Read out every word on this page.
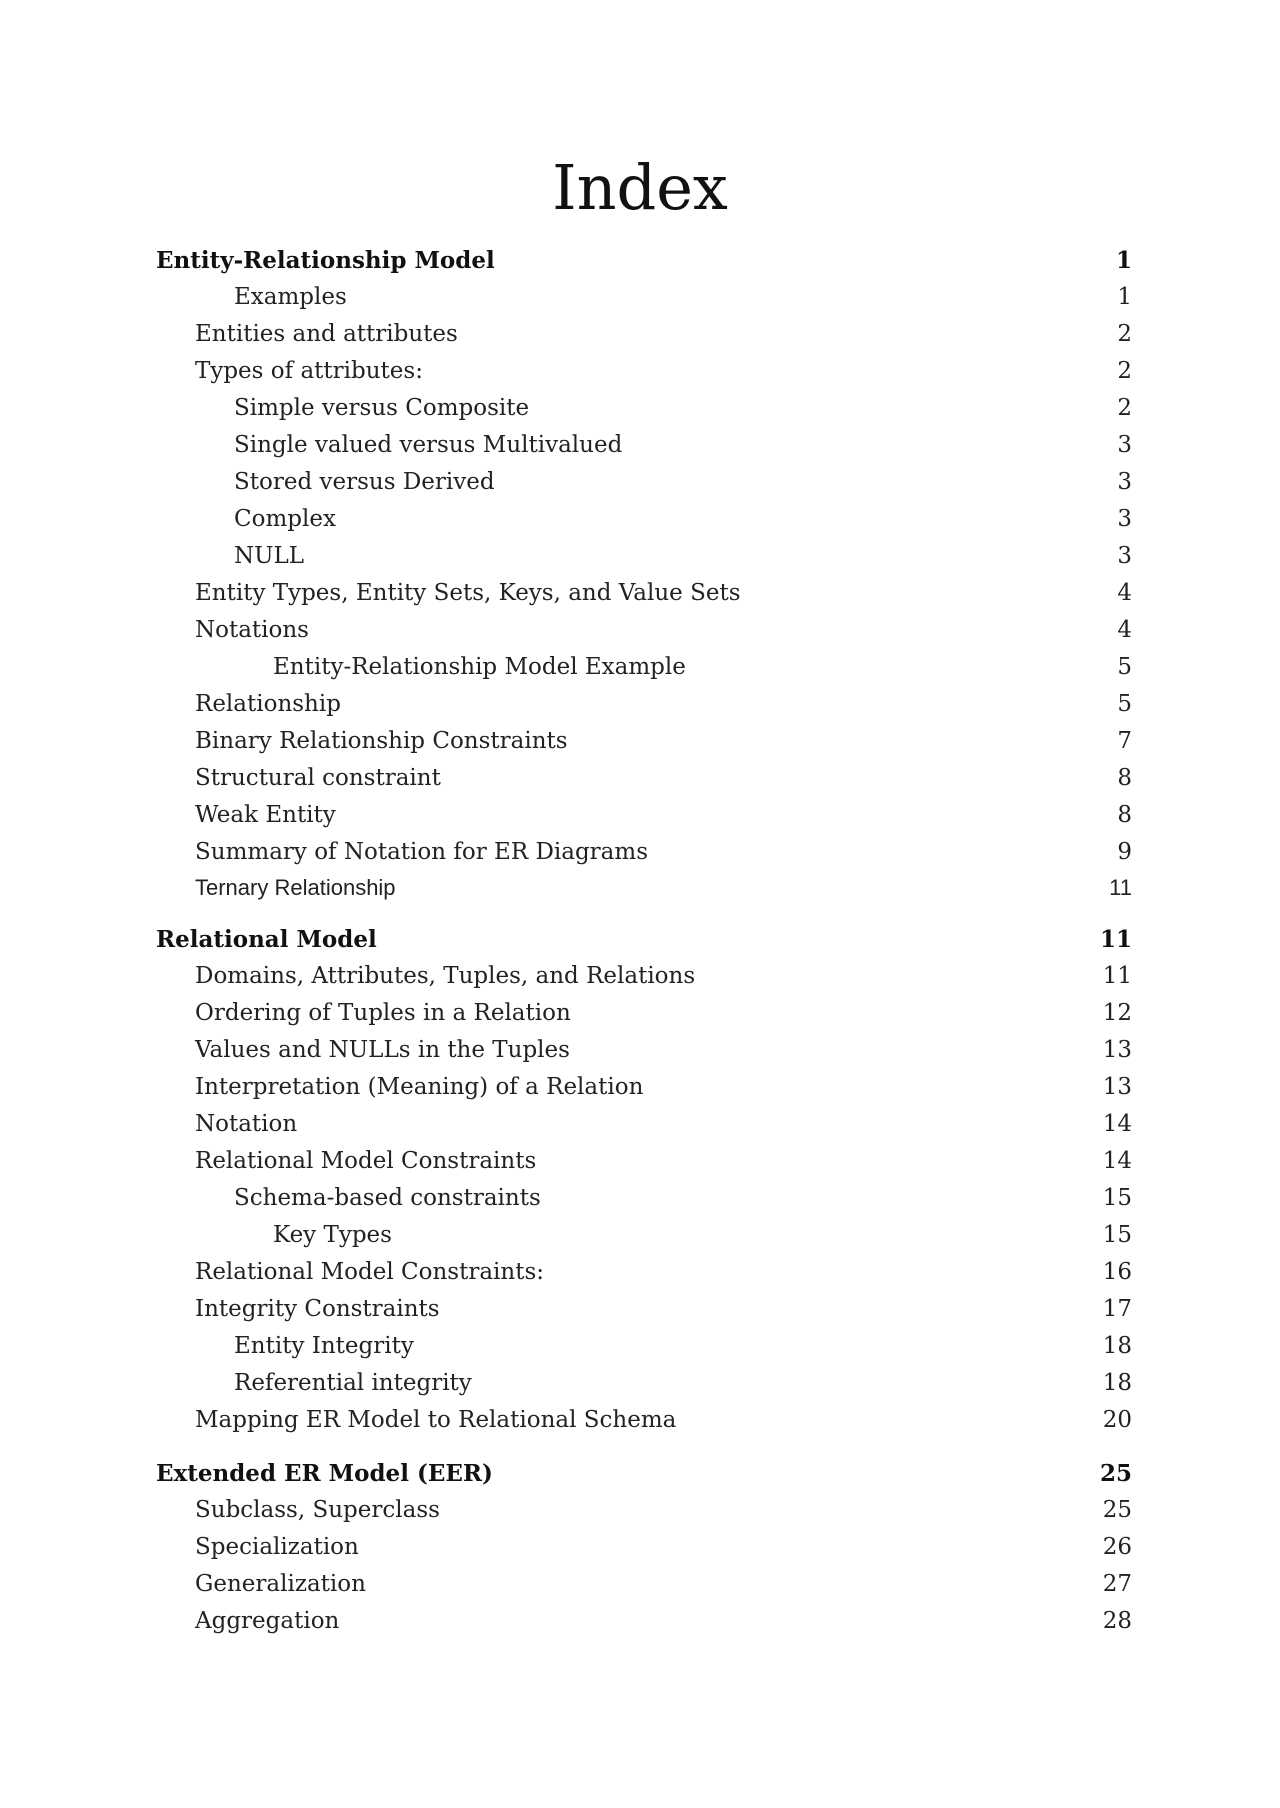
Index
Entity-Relationship Model	1
Examples	1
Entities and attributes	2
Types of attributes:	2
Simple versus Composite	2
Single valued versus Multivalued	3
Stored versus Derived	3
Complex	3
NULL	3
Entity Types, Entity Sets, Keys, and Value Sets	4
Notations	4
Entity-Relationship Model Example	5
Relationship	5
Binary Relationship Constraints	7
Structural constraint	8
Weak Entity	8
Summary of Notation for ER Diagrams	9
Ternary Relationship	11
Relational Model	11
Domains, Attributes, Tuples, and Relations	11
Ordering of Tuples in a Relation	12
Values and NULLs in the Tuples	13
Interpretation (Meaning) of a Relation	13
Notation	14
Relational Model Constraints	14
Schema-based constraints	15
Key Types	15
Relational Model Constraints:	16
Integrity Constraints	17
Entity Integrity	18
Referential integrity	18
Mapping ER Model to Relational Schema	20
Extended ER Model (EER)	25
Subclass, Superclass	25
Specialization	26
Generalization	27
Aggregation	28
